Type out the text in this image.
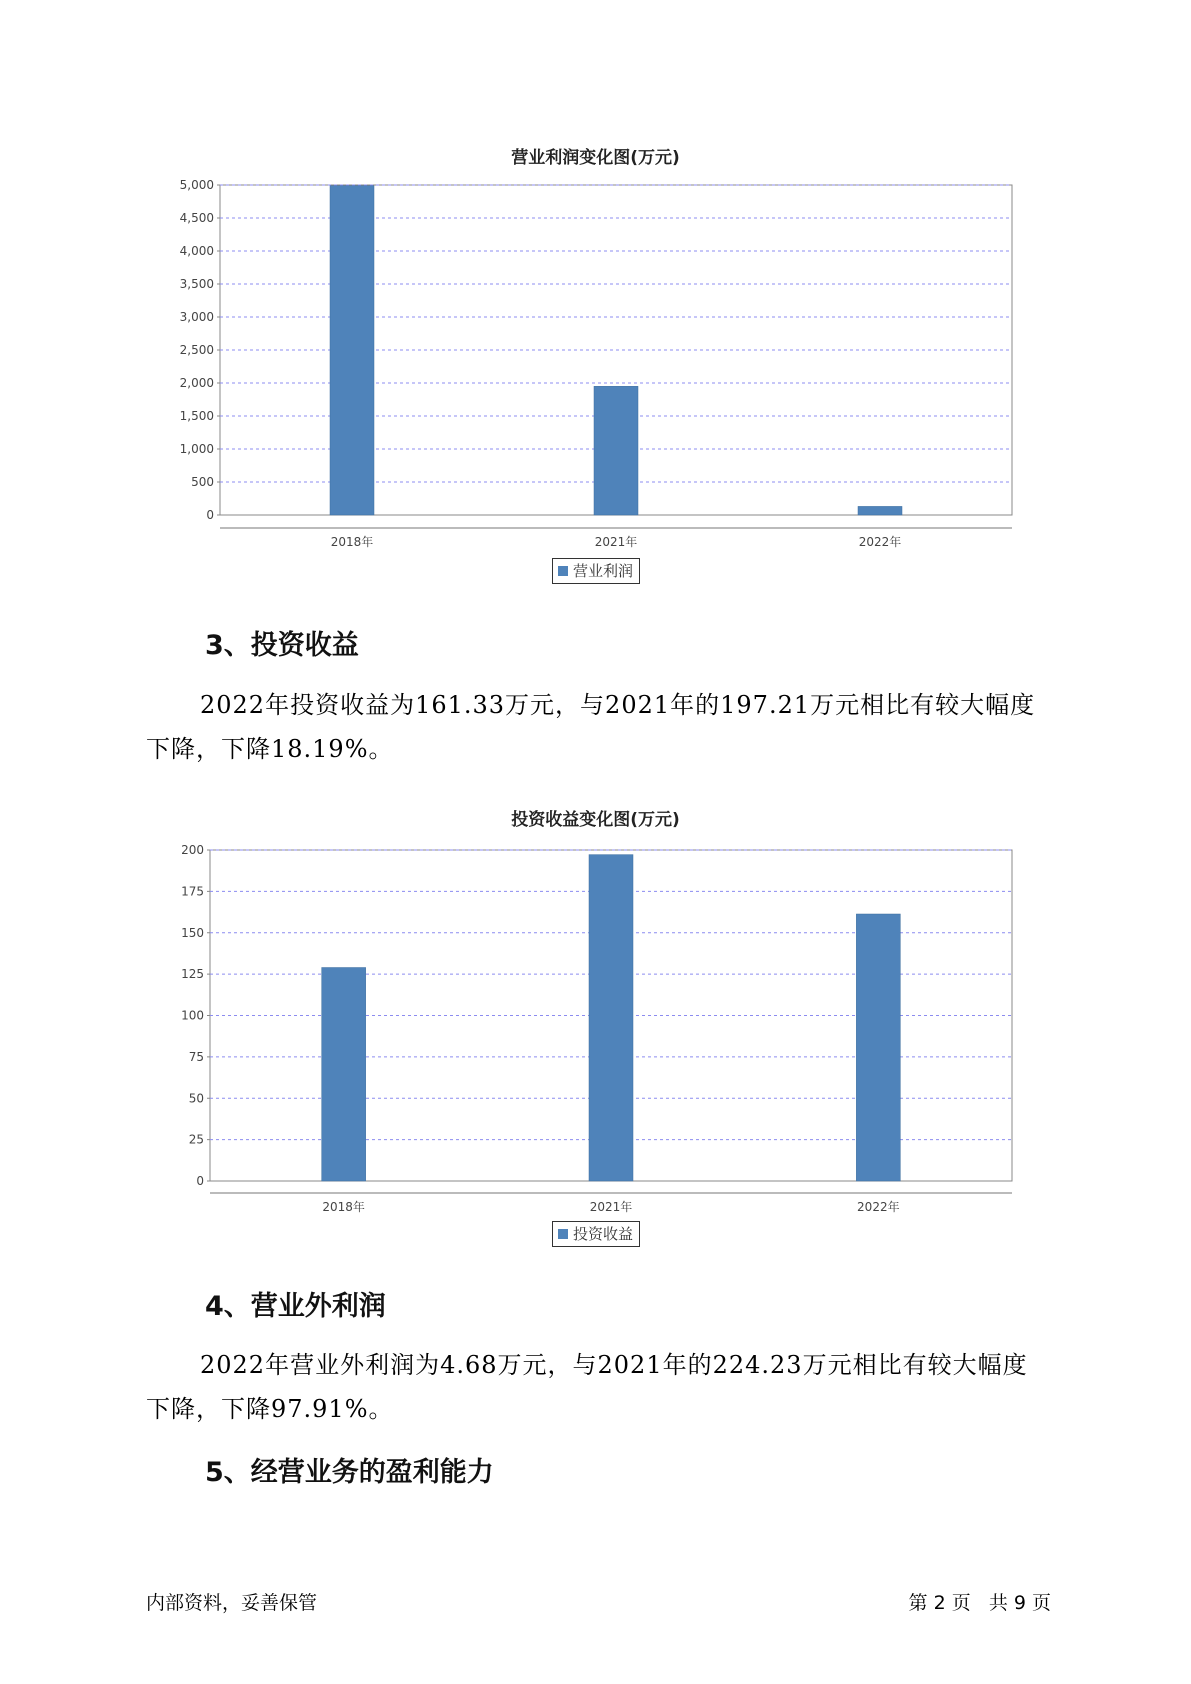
营业利润变化图(万元)
0
500
1,000
1,500
2,000
2,500
3,000
3,500
4,000
4,500
5,000
2018年	2021年	2022年
营业利润
3、投资收益
2022年投资收益为161.33万元，与2021年的197.21万元相比有较大幅度下降，下降18.19%。
投资收益变化图(万元)
0
25
50
75
100
125
150
175
200
2018年	2021年	2022年
投资收益
4、营业外利润
2022年营业外利润为4.68万元，与2021年的224.23万元相比有较大幅度下降，下降97.91%。
5、经营业务的盈利能力
内部资料，妥善保管	第 2 页   共 9 页
